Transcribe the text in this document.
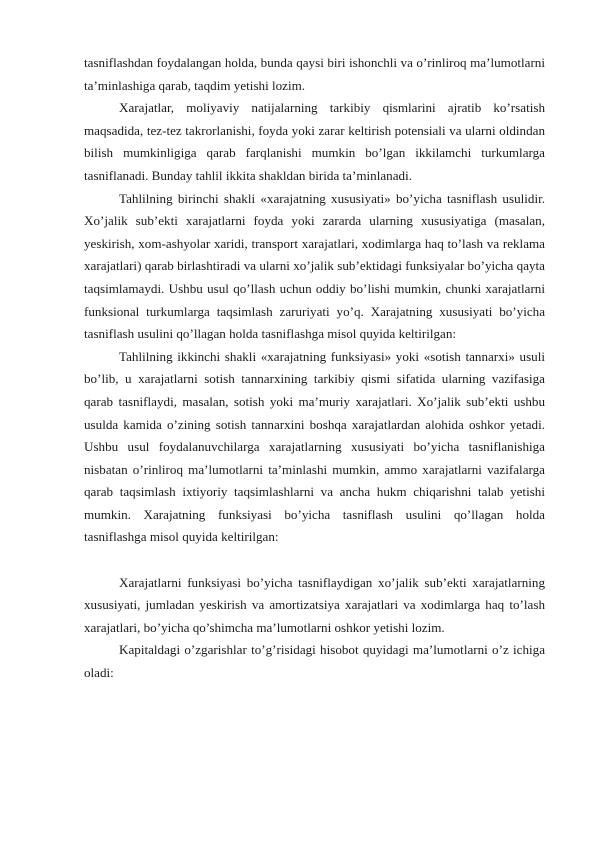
tasniflashdan foydalangan holda, bunda qaysi biri ishonchli va o’rinliroq ma’lumotlarni ta’minlashiga qarab, taqdim yetishi lozim.

Xarajatlar, moliyaviy natijalarning tarkibiy qismlarini ajratib ko’rsatish maqsadida, tez-tez takrorlanishi, foyda yoki zarar keltirish potensiali va ularni oldindan bilish mumkinligiga qarab farqlanishi mumkin bo’lgan ikkilamchi turkumlarga tasniflanadi. Bunday tahlil ikkita shakldan birida ta’minlanadi.

Tahlilning birinchi shakli «xarajatning xususiyati» bo’yicha tasniflash usulidir. Xo’jalik sub’ekti xarajatlarni foyda yoki zararda ularning xususiyatiga (masalan, yeskirish, xom-ashyolar xaridi, transport xarajatlari, xodimlarga haq to’lash va reklama xarajatlari) qarab birlashtiradi va ularni xo’jalik sub’ektidagi funksiyalar bo’yicha qayta taqsimlamaydi. Ushbu usul qo’llash uchun oddiy bo’lishi mumkin, chunki xarajatlarni funksional turkumlarga taqsimlash zaruriyati yo’q. Xarajatning xususiyati bo’yicha tasniflash usulini qo’llagan holda tasniflashga misol quyida keltirilgan:

Tahlilning ikkinchi shakli «xarajatning funksiyasi» yoki «sotish tannarxi» usuli bo’lib, u xarajatlarni sotish tannarxining tarkibiy qismi sifatida ularning vazifasiga qarab tasniflaydi, masalan, sotish yoki ma’muriy xarajatlari. Xo’jalik sub’ekti ushbu usulda kamida o’zining sotish tannarxini boshqa xarajatlardan alohida oshkor yetadi. Ushbu usul foydalanuvchilarga xarajatlarning xususiyati bo’yicha tasniflanishiga nisbatan o’rinliroq ma’lumotlarni ta’minlashi mumkin, ammo xarajatlarni vazifalarga qarab taqsimlash ixtiyoriy taqsimlashlarni va ancha hukm chiqarishni talab yetishi mumkin. Xarajatning funksiyasi bo’yicha tasniflash usulini qo’llagan holda tasniflashga misol quyida keltirilgan:

Xarajatlarni funksiyasi bo’yicha tasniflaydigan xo’jalik sub’ekti xarajatlarning xususiyati, jumladan yeskirish va amortizatsiya xarajatlari va xodimlarga haq to’lash xarajatlari, bo’yicha qo’shimcha ma’lumotlarni oshkor yetishi lozim.

Kapitaldagi o’zgarishlar to’g’risidagi hisobot quyidagi ma’lumotlarni o’z ichiga oladi:
